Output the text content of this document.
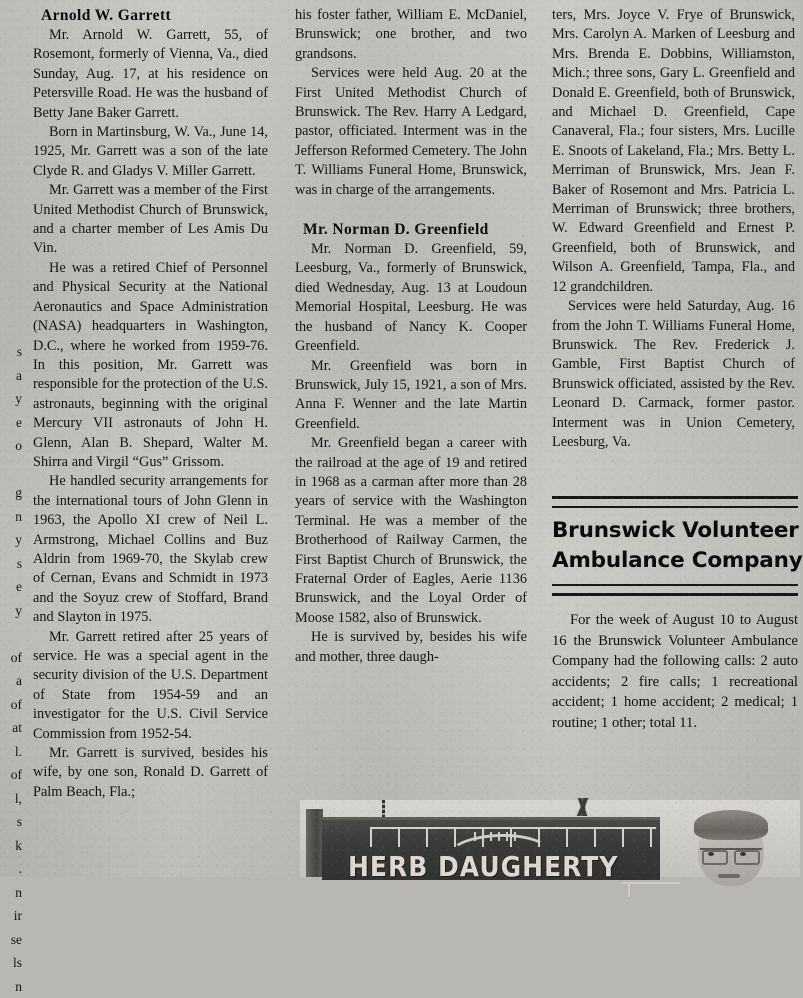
s
a
y
e
o

g
n
y
s
e
y

of
a
of
at
l.
of
l,
s
k
.
n
ir
se
ls
n
Arnold W. Garrett

Mr. Arnold W. Garrett, 55, of Rosemont, formerly of Vienna, Va., died Sunday, Aug. 17, at his residence on Petersville Road. He was the husband of Betty Jane Baker Garrett.

Born in Martinsburg, W. Va., June 14, 1925, Mr. Garrett was a son of the late Clyde R. and Gladys V. Miller Garrett.

Mr. Garrett was a member of the First United Methodist Church of Brunswick, and a charter member of Les Amis Du Vin.

He was a retired Chief of Personnel and Physical Security at the National Aeronautics and Space Administration (NASA) headquarters in Washington, D.C., where he worked from 1959-76. In this position, Mr. Garrett was responsible for the protection of the U.S. astronauts, beginning with the original Mercury VII astronauts of John H. Glenn, Alan B. Shepard, Walter M. Shirra and Virgil “Gus” Grissom.

He handled security arrangements for the international tours of John Glenn in 1963, the Apollo XI crew of Neil L. Armstrong, Michael Collins and Buz Aldrin from 1969-70, the Skylab crew of Cernan, Evans and Schmidt in 1973 and the Soyuz crew of Stoffard, Brand and Slayton in 1975.

Mr. Garrett retired after 25 years of service. He was a special agent in the security division of the U.S. Department of State from 1954-59 and an investigator for the U.S. Civil Service Commission from 1952-54.

Mr. Garrett is survived, besides his wife, by one son, Ronald D. Garrett of Palm Beach, Fla.;

his foster father, William E. McDaniel, Brunswick; one brother, and two grandsons.

Services were held Aug. 20 at the First United Methodist Church of Brunswick. The Rev. Harry A Ledgard, pastor, officiated. Interment was in the Jefferson Reformed Cemetery. The John T. Williams Funeral Home, Brunswick, was in charge of the arrangements.

Mr. Norman D. Greenfield

Mr. Norman D. Greenfield, 59, Leesburg, Va., formerly of Brunswick, died Wednesday, Aug. 13 at Loudoun Memorial Hospital, Leesburg. He was the husband of Nancy K. Cooper Greenfield.

Mr. Greenfield was born in Brunswick, July 15, 1921, a son of Mrs. Anna F. Wenner and the late Martin Greenfield.

Mr. Greenfield began a career with the railroad at the age of 19 and retired in 1968 as a carman after more than 28 years of service with the Washington Terminal. He was a member of the Brotherhood of Railway Carmen, the First Baptist Church of Brunswick, the Fraternal Order of Eagles, Aerie 1136 Brunswick, and the Loyal Order of Moose 1582, also of Brunswick.

He is survived by, besides his wife and mother, three daugh-

ters, Mrs. Joyce V. Frye of Brunswick, Mrs. Carolyn A. Marken of Leesburg and Mrs. Brenda E. Dobbins, Williamston, Mich.; three sons, Gary L. Greenfield and Donald E. Greenfield, both of Brunswick, and Michael D. Greenfield, Cape Canaveral, Fla.; four sisters, Mrs. Lucille E. Snoots of Lakeland, Fla.; Mrs. Betty L. Merriman of Brunswick, Mrs. Jean F. Baker of Rosemont and Mrs. Patricia L. Merriman of Brunswick; three brothers, W. Edward Greenfield and Ernest P. Greenfield, both of Brunswick, and Wilson A. Greenfield, Tampa, Fla., and 12 grandchildren.

Services were held Saturday, Aug. 16 from the John T. Williams Funeral Home, Brunswick. The Rev. Frederick J. Gamble, First Baptist Church of Brunswick officiated, assisted by the Rev. Leonard D. Carmack, former pastor. Interment was in Union Cemetery, Leesburg, Va.

Brunswick Volunteer
Ambulance Company

For the week of August 10 to August 16 the Brunswick Volunteer Ambulance Company had the following calls: 2 auto accidents; 2 fire calls; 1 recreational accident; 1 home accident; 2 medical; 1 routine; 1 other; total 11.

HERB DAUGHERTY
